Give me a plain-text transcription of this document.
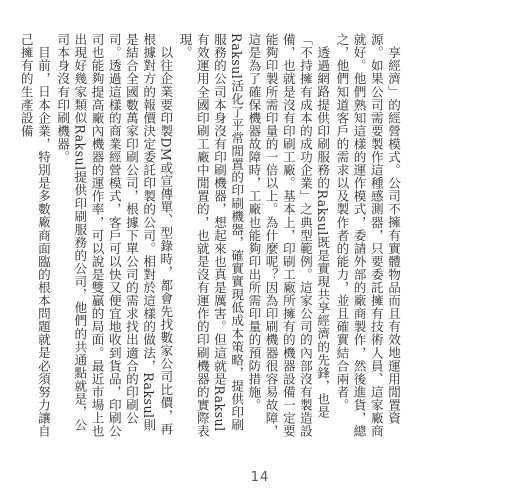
享經濟」的經營模式。公司不擁有實體物品而且有效地運用閒置資源。如果公司需要製作這種感測器，只要委託擁有技術人員、這家廠商就好。他們熟知這樣的運作模式，委請外部的廠商製作，然後進貨，總之，他們知道客戶的需求以及製作者的能力，並且確實結合兩者。

透過網路提供印刷服務的Raksul既是實現共享經濟的先鋒，也是「不持擁有成本的成功企業」之典型範例。這家公司的內部沒有製造設備，也就是沒有印刷工廠。基本上，印刷工廠所擁有的機器設備一定要能夠印製所需印量的一倍以上。為什麼呢？因為印刷機器很容易故障，這是為了確保機器故障時，工廠也能夠印出所需印量的預防措施。Raksul活化了平常閒置的印刷機器，確實實現低成本策略，提供印刷服務的公司本身沒有印刷機器，想起來也真是厲害。但這就是Raksul有效運用全國印刷工廠中閒置的，也就是沒有運作的印刷機器的實際表現。

以往企業要印製DM或宣傳單、型錄時，都會先找數家公司比價，再根據對方的報價決定委託印製的公司。相對於這樣的做法，Raksul則是結合全國數萬家印刷公司，根據下單公司的需求找出適合的印刷公司。透過這樣的商業經營模式，客戶可以快又便宜地收到貨品，印刷公司也能夠提高廠內機器的運作率，可以說是雙贏的局面。最近市場上也出現好幾家類似Raksul提供印刷服務的公司，他們的共通點就是，公司本身沒有印刷機器。

目前，日本企業，特別是多數廠商面臨的根本問題就是必須努力讓自己擁有的生產設備

14
